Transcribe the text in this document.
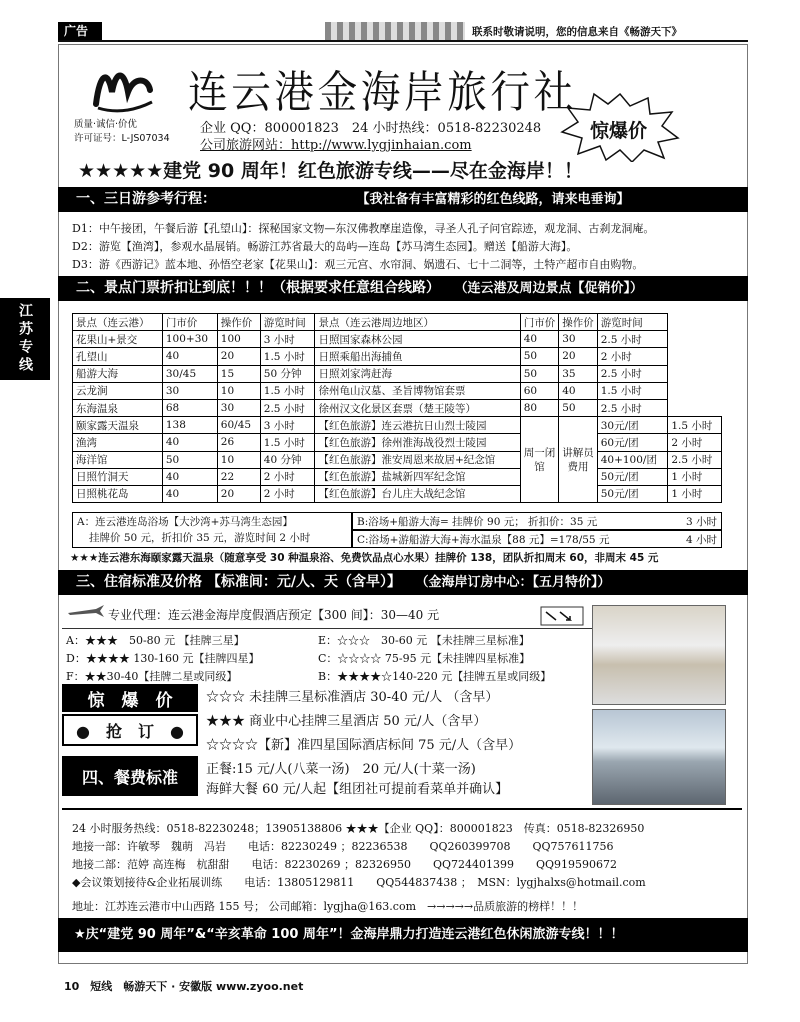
广告	联系时敬请说明，您的信息来自《畅游天下》
江苏专线
质量·诚信·价优
许可证号：L-JS07034
连云港金海岸旅行社
企业 QQ：800001823　24 小时热线：0518-82230248
公司旅游网站：http://www.lygjinhaian.com
惊爆价
★★★★★建党 90 周年！红色旅游专线——尽在金海岸！！
一、三日游参考行程：　　　　　　　　　　　	【我社备有丰富精彩的红色线路，请来电垂询】
D1：中午接团，午餐后游【孔望山】：探秘国家文物—东汉佛教摩崖造像，寻圣人孔子问官踪迹，观龙洞、古刹龙洞庵。
D2：游览【渔湾】，参观水晶展销。畅游江苏省最大的岛屿—连岛【苏马湾生态园】。赠送【船游大海】。
D3：游《西游记》蓝本地、孙悟空老家【花果山】：观三元宫、水帘洞、娲遗石、七十二洞等，土特产超市自由购物。
二、景点门票折扣让到底！！！（根据要求任意组合线路）　　 （连云港及周边景点【促销价】）
景点（连云港）	门市价	操作价	游览时间	景点（连云港周边地区）	门市价	操作价	游览时间	
花果山+景交	100+30	100	3 小时	日照国家森林公园	40	30	2.5 小时	
孔望山	40	20	1.5 小时	日照乘船出海捕鱼	50	20	2 小时	
船游大海	30/45	15	50 分钟	日照刘家湾赶海	50	35	2.5 小时	
云龙涧	30	10	1.5 小时	徐州龟山汉墓、圣旨博物馆套票	60	40	1.5 小时	
东海温泉	68	30	2.5 小时	徐州汉文化景区套票（楚王陵等）	80	50	2.5 小时	
颐家露天温泉	138	60/45	3 小时	【红色旅游】连云港抗日山烈士陵园	周一闭馆	讲解员费用	30元/团	1.5 小时
渔湾	40	26	1.5 小时	【红色旅游】徐州淮海战役烈士陵园			60元/团	2 小时
海洋馆	50	10	40 分钟	【红色旅游】淮安周恩来故居+纪念馆			40+100/团	2.5 小时
日照竹洞天	40	22	2 小时	【红色旅游】盐城新四军纪念馆			50元/团	1 小时
日照桃花岛	40	20	2 小时	【红色旅游】台儿庄大战纪念馆			50元/团	1 小时
A：连云港连岛浴场【大沙湾+苏马湾生态园】
挂牌价 50 元，折扣价 35 元，游览时间 2 小时
B:浴场+船游大海= 挂牌价 90 元； 折扣价：35 元	3 小时
C:浴场+游船游大海+海水温泉【88 元】=178/55 元	4 小时
★★★连云港东海颐家露天温泉（随意享受 30 种温泉浴、免费饮品点心水果）挂牌价 138，团队折扣周末 60，非周末 45 元
三、住宿标准及价格 【标准间：元/人、天（含早）】　　 （金海岸订房中心：【五月特价】）
专业代理：连云港金海岸度假酒店预定【300 间】：30—40 元
A：★★★　50-80 元 【挂牌三星】	E：☆☆☆　30-60 元 【未挂牌三星标准】
D：★★★★ 130-160 元【挂牌四星】	C：☆☆☆☆ 75-95 元【未挂牌四星标准】
F：★★30-40【挂牌二星或同级】	B：★★★★☆140-220 元【挂牌五星或同级】
惊　爆　价
●　抢　订　●
☆☆☆ 未挂牌三星标准酒店 30-40 元/人 （含早）
★★★ 商业中心挂牌三星酒店 50 元/人（含早）
☆☆☆☆【新】准四星国际酒店标间 75 元/人（含早）
四、餐费标准	正餐:15 元/人(八菜一汤)　20 元/人(十菜一汤)
海鲜大餐 60 元/人起【组团社可提前看菜单并确认】
24 小时服务热线：0518-82230248；13905138806 ★★★【企业 QQ】：800001823　传真：0518-82326950
地接一部：许敏琴　魏萌　冯岩　　电话：82230249 ；82236538　　QQ260399708　　QQ757611756
地接二部：范婷 高连梅　杭甜甜　　电话：82230269 ；82326950　　QQ724401399　　QQ919590672
◆会议策划接待&企业拓展训练　　电话：13805129811　　QQ544837438 ；　MSN：lygjhalxs@hotmail.com
地址：江苏连云港市中山西路 155 号； 公司邮箱：lygjha@163.com　→→→→→品质旅游的榜样！！！
★庆“建党 90 周年”&“辛亥革命 100 周年”！金海岸鼎力打造连云港红色休闲旅游专线！！！
10　短线　畅游天下 · 安徽版 www.zyoo.net
